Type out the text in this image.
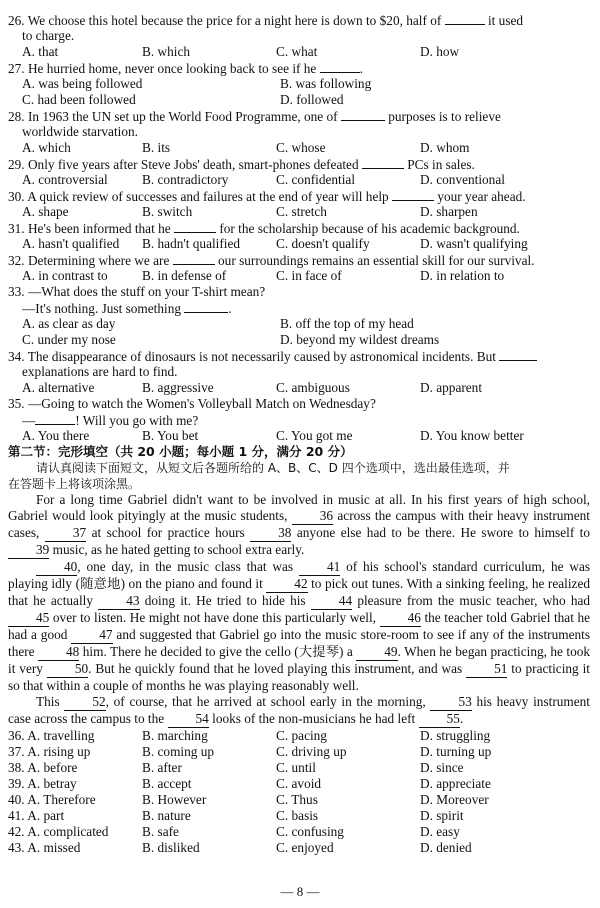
26. We choose this hotel because the price for a night here is down to $20, half of	it used
to charge.
A. that	B. which	C. what	D. how
27. He hurried home, never once looking back to see if he	.
A. was being followed	B. was following
C. had been followed	D. followed
28. In 1963 the UN set up the World Food Programme, one of	purposes is to relieve
worldwide starvation.
A. which	B. its	C. whose	D. whom
29. Only five years after Steve Jobs' death, smart-phones defeated	PCs in sales.
A. controversial	B. contradictory	C. confidential	D. conventional
30. A quick review of successes and failures at the end of year will help	your year ahead.
A. shape	B. switch	C. stretch	D. sharpen
31. He's been informed that he	for the scholarship because of his academic background.
A. hasn't qualified	B. hadn't qualified	C. doesn't qualify	D. wasn't qualifying
32. Determining where we are	our surroundings remains an essential skill for our survival.
A. in contrast to	B. in defense of	C. in face of	D. in relation to
33. —What does the stuff on your T-shirt mean?
—It's nothing. Just something	.
A. as clear as day	B. off the top of my head
C. under my nose	D. beyond my wildest dreams
34. The disappearance of dinosaurs is not necessarily caused by astronomical incidents. But
explanations are hard to find.
A. alternative	B. aggressive	C. ambiguous	D. apparent
35. —Going to watch the Women's Volleyball Match on Wednesday?
—	! Will you go with me?
A. You there	B. You bet	C. You got me	D. You know better
第二节：完形填空（共 20 小题；每小题 1 分，满分 20 分）
请认真阅读下面短文，从短文后各题所给的 A、B、C、D 四个选项中，选出最佳选项，并
在答题卡上将该项涂黑。

For a long time Gabriel didn't want to be involved in music at all. In his first years of high school, Gabriel would look pityingly at the music students, 36 across the campus with their heavy instrument cases,	37 at school for practice hours	38 anyone else had to be there. He swore to himself to 39 music, as he hated getting to school extra early.

40, one day, in the music class that was	41 of his school's standard curriculum, he was playing idly (随意地) on the piano and found it 42 to pick out tunes. With a sinking feeling, he realized that he actually 43 doing it. He tried to hide his 44 pleasure from the music teacher, who had 45 over to listen. He might not have done this particularly well, 46 the teacher told Gabriel that he had a good 47 and suggested that Gabriel go into the music store-room to see if any of the instruments there 48 him. There he decided to give the cello (大提琴) a 49. When he began practicing, he took it very 50. But he quickly found that he loved playing this instrument, and was 51 to practicing it so that within a couple of months he was playing reasonably well.

This 52, of course, that he arrived at school early in the morning, 53 his heavy instrument case across the campus to the 54 looks of the non-musicians he had left 55.

36. A. travelling	B. marching	C. pacing	D. struggling
37. A. rising up	B. coming up	C. driving up	D. turning up
38. A. before	B. after	C. until	D. since
39. A. betray	B. accept	C. avoid	D. appreciate
40. A. Therefore	B. However	C. Thus	D. Moreover
41. A. part	B. nature	C. basis	D. spirit
42. A. complicated	B. safe	C. confusing	D. easy
43. A. missed	B. disliked	C. enjoyed	D. denied
— 8 —
